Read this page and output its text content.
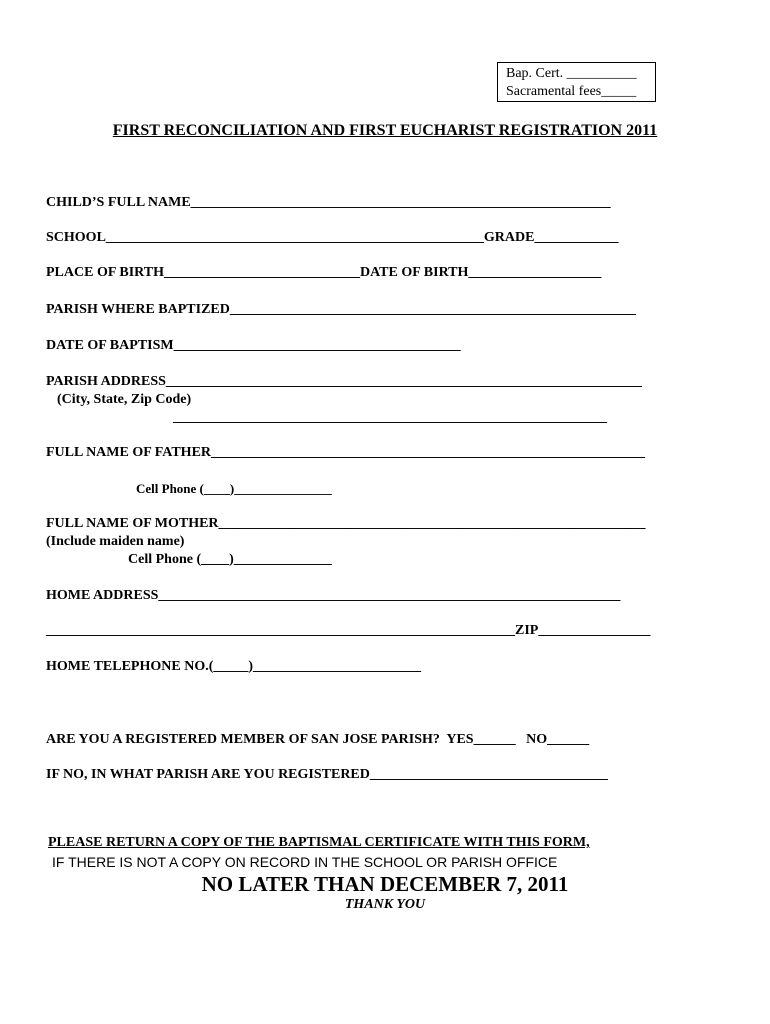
Bap. Cert. __________
Sacramental fees_____
FIRST RECONCILIATION AND FIRST EUCHARIST REGISTRATION 2011
CHILD’S FULL NAME____________________________________________________________
SCHOOL______________________________________________________GRADE____________
PLACE OF BIRTH____________________________DATE OF BIRTH___________________
PARISH WHERE BAPTIZED__________________________________________________________
DATE OF BAPTISM_________________________________________
PARISH ADDRESS____________________________________________________________________
(City, State, Zip Code)
______________________________________________________________
FULL NAME OF FATHER______________________________________________________________
Cell Phone (____)_______________
FULL NAME OF MOTHER_____________________________________________________________
(Include maiden name)
Cell Phone (____)______________
HOME ADDRESS__________________________________________________________________
___________________________________________________________________ZIP________________
HOME TELEPHONE NO.(_____)________________________
ARE YOU A REGISTERED MEMBER OF SAN JOSE PARISH?  YES______   NO______
IF NO, IN WHAT PARISH ARE YOU REGISTERED__________________________________
PLEASE RETURN A COPY OF THE BAPTISMAL CERTIFICATE WITH THIS FORM,
IF THERE IS NOT A COPY ON RECORD IN THE SCHOOL OR PARISH OFFICE
NO LATER THAN DECEMBER 7, 2011
THANK YOU
